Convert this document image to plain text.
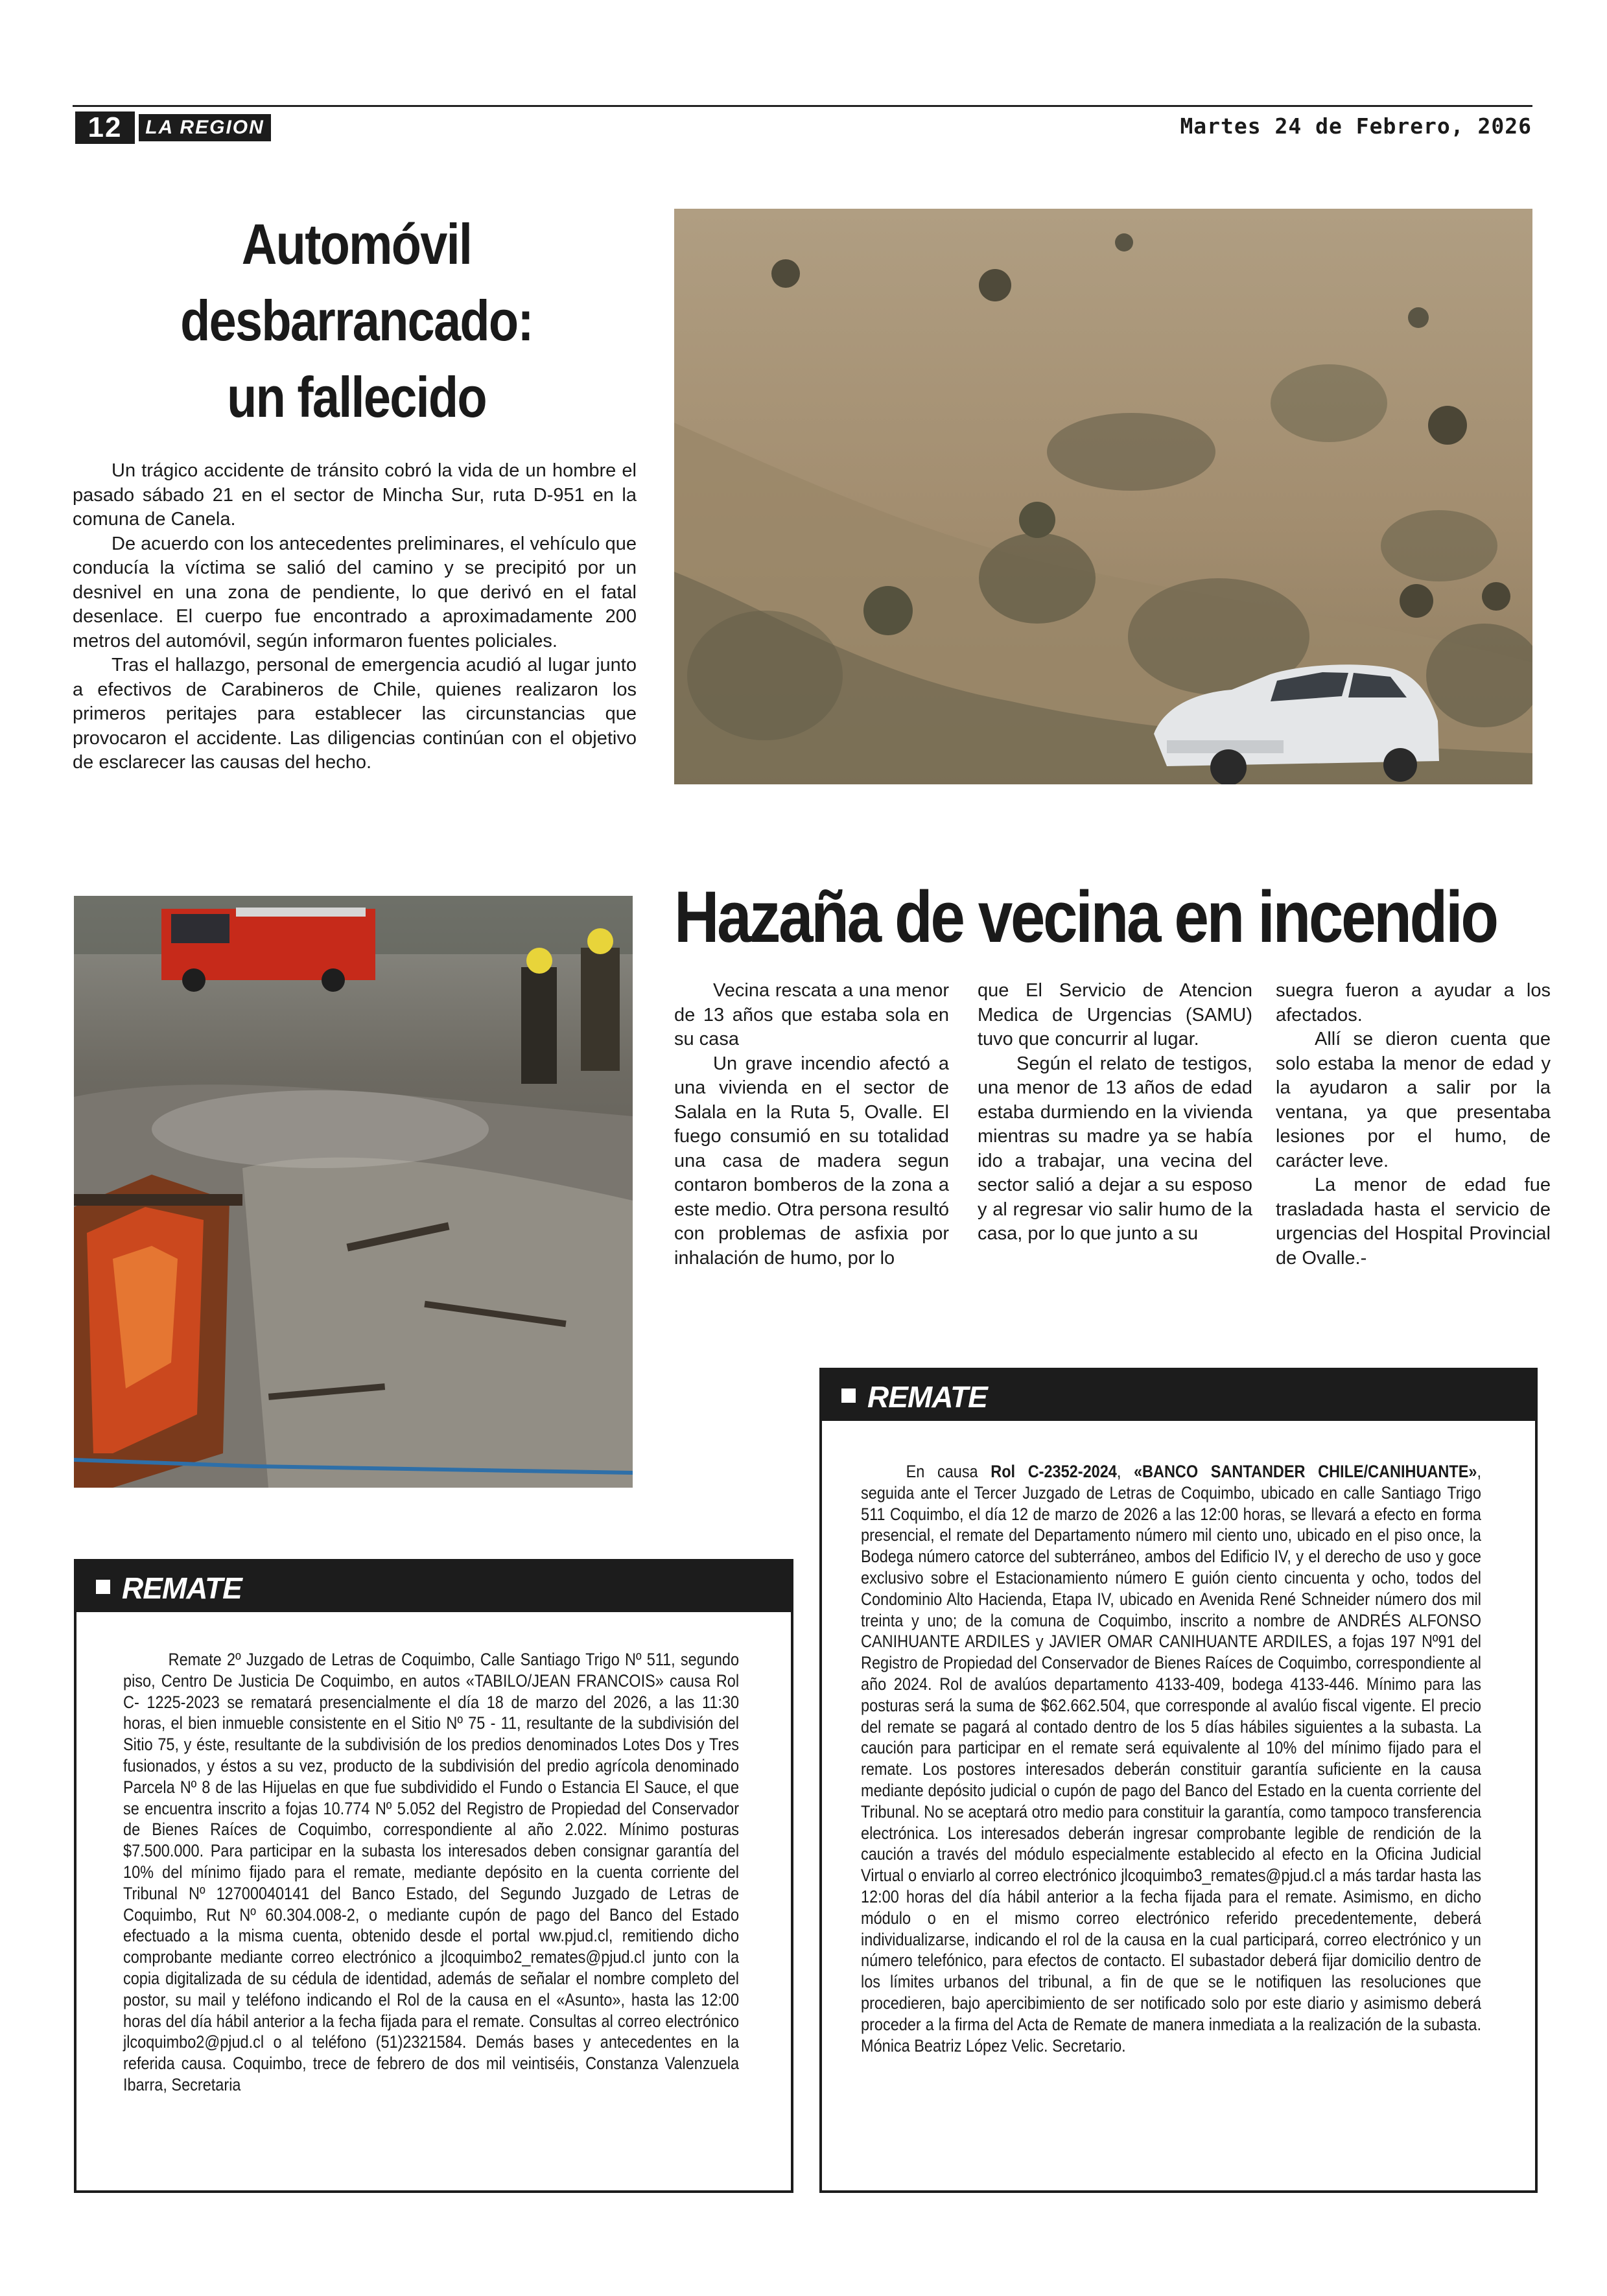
12	LA REGION	Martes 24 de Febrero, 2026
Automóvil
desbarrancado:
un fallecido

Un trágico accidente de tránsito cobró la vida de un hombre el pasado sábado 21 en el sector de Mincha Sur, ruta D-951 en la comuna de Canela.

De acuerdo con los antecedentes preliminares, el vehículo que conducía la víctima se salió del camino y se precipitó por un desnivel en una zona de pendiente, lo que derivó en el fatal desenlace. El cuerpo fue encontrado a aproximadamente 200 metros del automóvil, según informaron fuentes policiales.

Tras el hallazgo, personal de emergencia acudió al lugar junto a efectivos de Carabineros de Chile, quienes realizaron los primeros peritajes para establecer las circunstancias que provocaron el accidente. Las diligencias continúan con el objetivo de esclarecer las causas del hecho.

Hazaña de vecina en incendio

Vecina rescata a una menor de 13 años que estaba sola en su casa

Un grave incendio afectó a una vivienda en el sector de Salala en la Ruta 5, Ovalle. El fuego consumió en su totalidad una casa de madera segun contaron bomberos de la zona a este medio. Otra persona resultó con problemas de asfixia por inhalación de humo, por lo

que El Servicio de Atencion Medica de Urgencias (SAMU) tuvo que concurrir al lugar.

Según el relato de testigos, una menor de 13 años de edad estaba durmiendo en la vivienda mientras su madre ya se había ido a trabajar, una vecina del sector salió a dejar a su esposo y al regresar vio salir humo de la casa, por lo que junto a su

suegra fueron a ayudar a los afectados.

Allí se dieron cuenta que solo estaba la menor de edad y la ayudaron a salir por la ventana, ya que presentaba lesiones por el humo, de carácter leve.

La menor de edad fue trasladada hasta el servicio de urgencias del Hospital Provincial de Ovalle.-

REMATE

En causa Rol C-2352-2024, «BANCO SANTANDER CHILE/CANIHUANTE», seguida ante el Tercer Juzgado de Letras de Coquimbo, ubicado en calle Santiago Trigo 511 Coquimbo, el día 12 de marzo de 2026 a las 12:00 horas, se llevará a efecto en forma presencial, el remate del Departamento número mil ciento uno, ubicado en el piso once, la Bodega número catorce del subterráneo, ambos del Edificio IV, y el derecho de uso y goce exclusivo sobre el Estacionamiento número E guión ciento cincuenta y ocho, todos del Condominio Alto Hacienda, Etapa IV, ubicado en Avenida René Schneider número dos mil treinta y uno; de la comuna de Coquimbo, inscrito a nombre de ANDRÉS ALFONSO CANIHUANTE ARDILES y JAVIER OMAR CANIHUANTE ARDILES, a fojas 197 Nº91 del Registro de Propiedad del Conservador de Bienes Raíces de Coquimbo, correspondiente al año 2024. Rol de avalúos departamento 4133-409, bodega 4133-446. Mínimo para las posturas será la suma de $62.662.504, que corresponde al avalúo fiscal vigente. El precio del remate se pagará al contado dentro de los 5 días hábiles siguientes a la subasta. La caución para participar en el remate será equivalente al 10% del mínimo fijado para el remate. Los postores interesados deberán constituir garantía suficiente en la causa mediante depósito judicial o cupón de pago del Banco del Estado en la cuenta corriente del Tribunal. No se aceptará otro medio para constituir la garantía, como tampoco transferencia electrónica. Los interesados deberán ingresar comprobante legible de rendición de la caución a través del módulo especialmente establecido al efecto en la Oficina Judicial Virtual o enviarlo al correo electrónico jlcoquimbo3_remates@pjud.cl a más tardar hasta las 12:00 horas del día hábil anterior a la fecha fijada para el remate. Asimismo, en dicho módulo o en el mismo correo electrónico referido precedentemente, deberá individualizarse, indicando el rol de la causa en la cual participará, correo electrónico y un número telefónico, para efectos de contacto. El subastador deberá fijar domicilio dentro de los límites urbanos del tribunal, a fin de que se le notifiquen las resoluciones que procedieren, bajo apercibimiento de ser notificado solo por este diario y asimismo deberá proceder a la firma del Acta de Remate de manera inmediata a la realización de la subasta. Mónica Beatriz López Velic. Secretario.

REMATE

Remate 2º Juzgado de Letras de Coquimbo, Calle Santiago Trigo Nº 511, segundo piso, Centro De Justicia De Coquimbo, en autos «TABILO/JEAN FRANCOIS» causa Rol C- 1225-2023 se rematará presencialmente el día 18 de marzo del 2026, a las 11:30 horas, el bien inmueble consistente en el Sitio Nº 75 - 11, resultante de la subdivisión del Sitio 75, y éste, resultante de la subdivisión de los predios denominados Lotes Dos y Tres fusionados, y éstos a su vez, producto de la subdivisión del predio agrícola denominado Parcela Nº 8 de las Hijuelas en que fue subdividido el Fundo o Estancia El Sauce, el que se encuentra inscrito a fojas 10.774 Nº 5.052 del Registro de Propiedad del Conservador de Bienes Raíces de Coquimbo, correspondiente al año 2.022. Mínimo posturas $7.500.000. Para participar en la subasta los interesados deben consignar garantía del 10% del mínimo fijado para el remate, mediante depósito en la cuenta corriente del Tribunal Nº 12700040141 del Banco Estado, del Segundo Juzgado de Letras de Coquimbo, Rut Nº 60.304.008-2, o mediante cupón de pago del Banco del Estado efectuado a la misma cuenta, obtenido desde el portal ww.pjud.cl, remitiendo dicho comprobante mediante correo electrónico a jlcoquimbo2_remates@pjud.cl junto con la copia digitalizada de su cédula de identidad, además de señalar el nombre completo del postor, su mail y teléfono indicando el Rol de la causa en el «Asunto», hasta las 12:00 horas del día hábil anterior a la fecha fijada para el remate. Consultas al correo electrónico jlcoquimbo2@pjud.cl o al teléfono (51)2321584. Demás bases y antecedentes en la referida causa. Coquimbo, trece de febrero de dos mil veintiséis, Constanza Valenzuela Ibarra, Secretaria
